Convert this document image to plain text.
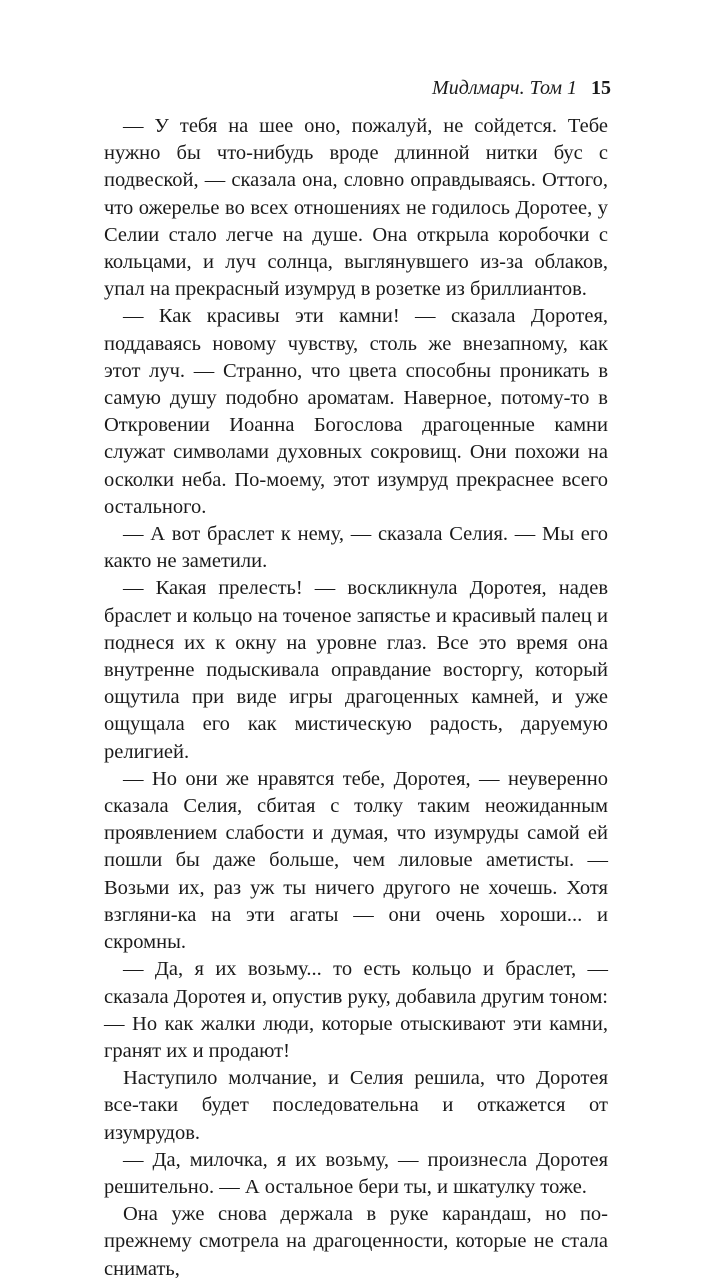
Мидлмарч. Том 1 15

— У тебя на шее оно, пожалуй, не сойдется. Тебе нужно бы что-нибудь вроде длинной нитки бус с подвеской, — сказала она, словно оправдываясь. Оттого, что ожерелье во всех отношениях не годилось Доротее, у Селии стало легче на душе. Она открыла коробочки с кольцами, и луч солнца, выглянувшего из-за облаков, упал на прекрасный изумруд в розетке из бриллиантов.

— Как красивы эти камни! — сказала Доротея, поддаваясь новому чувству, столь же внезапному, как этот луч. — Странно, что цвета способны проникать в самую душу подобно ароматам. Наверное, потому-то в Откровении Иоанна Богослова драгоценные камни служат символами духовных сокровищ. Они похожи на осколки неба. По-моему, этот изумруд прекраснее всего остального.

— А вот браслет к нему, — сказала Селия. — Мы его както не заметили.

— Какая прелесть! — воскликнула Доротея, надев браслет и кольцо на точеное запястье и красивый палец и поднеся их к окну на уровне глаз. Все это время она внутренне подыскивала оправдание восторгу, который ощутила при виде игры драгоценных камней, и уже ощущала его как мистическую радость, даруемую религией.

— Но они же нравятся тебе, Доротея, — неуверенно сказала Селия, сбитая с толку таким неожиданным проявлением слабости и думая, что изумруды самой ей пошли бы даже больше, чем лиловые аметисты. — Возьми их, раз уж ты ничего другого не хочешь. Хотя взгляни-ка на эти агаты — они очень хороши... и скромны.

— Да, я их возьму... то есть кольцо и браслет, — сказала Доротея и, опустив руку, добавила другим тоном: — Но как жалки люди, которые отыскивают эти камни, гранят их и продают!

Наступило молчание, и Селия решила, что Доротея все-таки будет последовательна и откажется от изумрудов.

— Да, милочка, я их возьму, — произнесла Доротея решительно. — А остальное бери ты, и шкатулку тоже.

Она уже снова держала в руке карандаш, но по-прежнему смотрела на драгоценности, которые не стала снимать,
